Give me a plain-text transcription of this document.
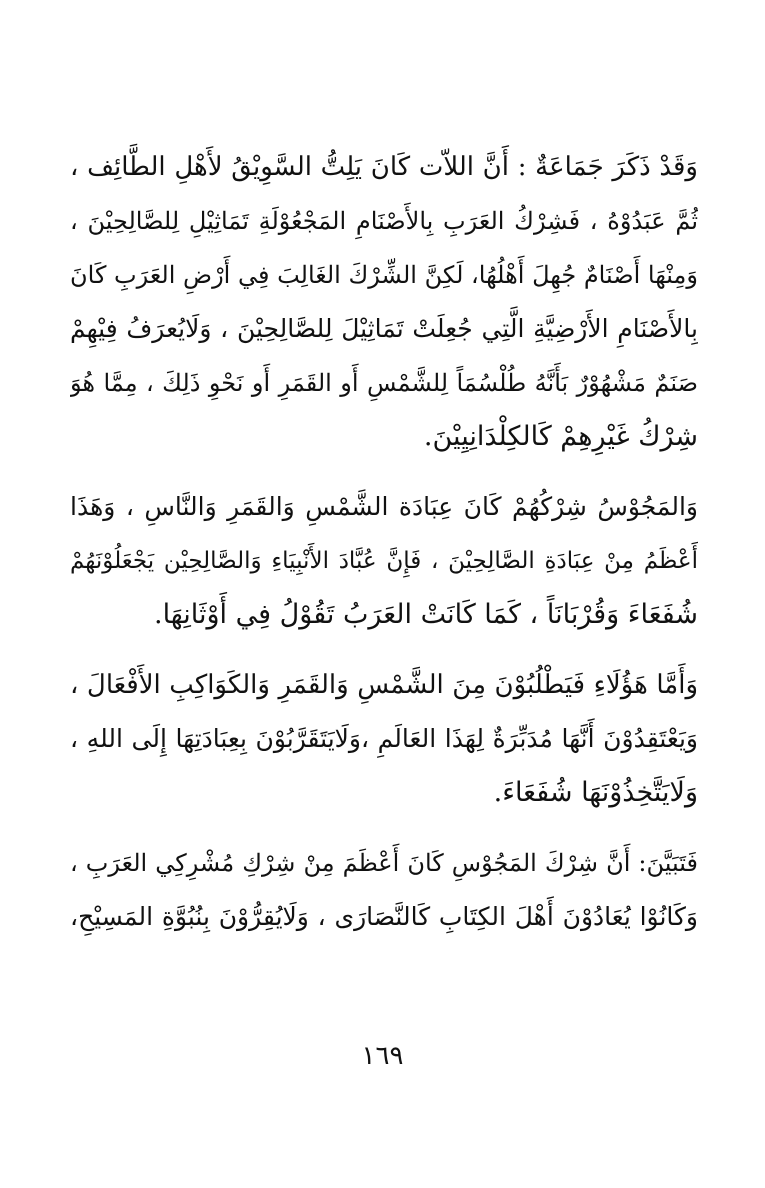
وَقَدْ ذَكَرَ جَمَاعَةٌ : أَنَّ اللاّت كَانَ يَلِتُّ السَّوِيْقُ لأَهْلِ الطَّائِف ،
ثُمَّ عَبَدُوْهُ ، فَشِرْكُ العَرَبِ بِالأَصْنَامِ المَجْعُوْلَةِ تَمَاثِيْلِ لِلصَّالِحِيْنَ ،
وَمِنْهَا أَصْنَامٌ جُهِلَ أَهْلُهُا، لَكِنَّ الشِّرْكَ الغَالِبَ فِي أَرْضِ العَرَبِ كَانَ
بِالأَصْنَامِ الأَرْضِيَّةِ الَّتِي جُعِلَتْ تَمَاثِيْلَ لِلصَّالِحِيْنَ ، وَلَايُعرَفُ فِيْهِمْ
صَنَمٌ مَشْهُوْرٌ بَأَنَّهُ طُلْسُمَاً لِلشَّمْسِ أَو القَمَرِ أَو نَحْوِ ذَلِكَ ، مِمَّا هُوَ
شِرْكُ غَيْرِهِمْ كَالكِلْدَانِيِيْنَ.
وَالمَجُوْسُ شِرْكُهُمْ كَانَ عِبَادَة الشَّمْسِ وَالقَمَرِ وَالنَّاسِ ، وَهَذَا
أَعْظَمُ مِنْ عِبَادَةِ الصَّالِحِيْنَ ، فَإِنَّ عُبَّادَ الأَنْبِيَاءِ وَالصَّالِحِيْن يَجْعَلُوْنَهُمْ
شُفَعَاءَ وَقُرْبَانَاً ، كَمَا كَانَتْ العَرَبُ تَقُوْلُ فِي أَوْثَانِهَا.
وَأَمَّا هَؤُلَاءِ فَيَطْلُبُوْنَ مِنَ الشَّمْسِ وَالقَمَرِ وَالكَوَاكِبِ الأَفْعَالَ ،
وَيَعْتَقِدُوْنَ أَنَّهَا مُدَبِّرَةٌ لِهَذَا العَالَمِ ،وَلَايَتَقَرَّبُوْنَ بِعِبَادَتِهَا إِلَى اللهِ ،
وَلَايَتَّخِذُوْنَهَا شُفَعَاءَ.
فَتَبَيَّنَ: أَنَّ شِرْكَ المَجُوْسِ كَانَ أَعْظَمَ مِنْ شِرْكِ مُشْرِكِي العَرَبِ ،
وَكَانُوْا يُعَادُوْنَ أَهْلَ الكِتَابِ كَالنَّصَارَى ، وَلَايُقِرُّوْنَ بِنُبُوَّةِ المَسِيْحِ،
١٦٩
